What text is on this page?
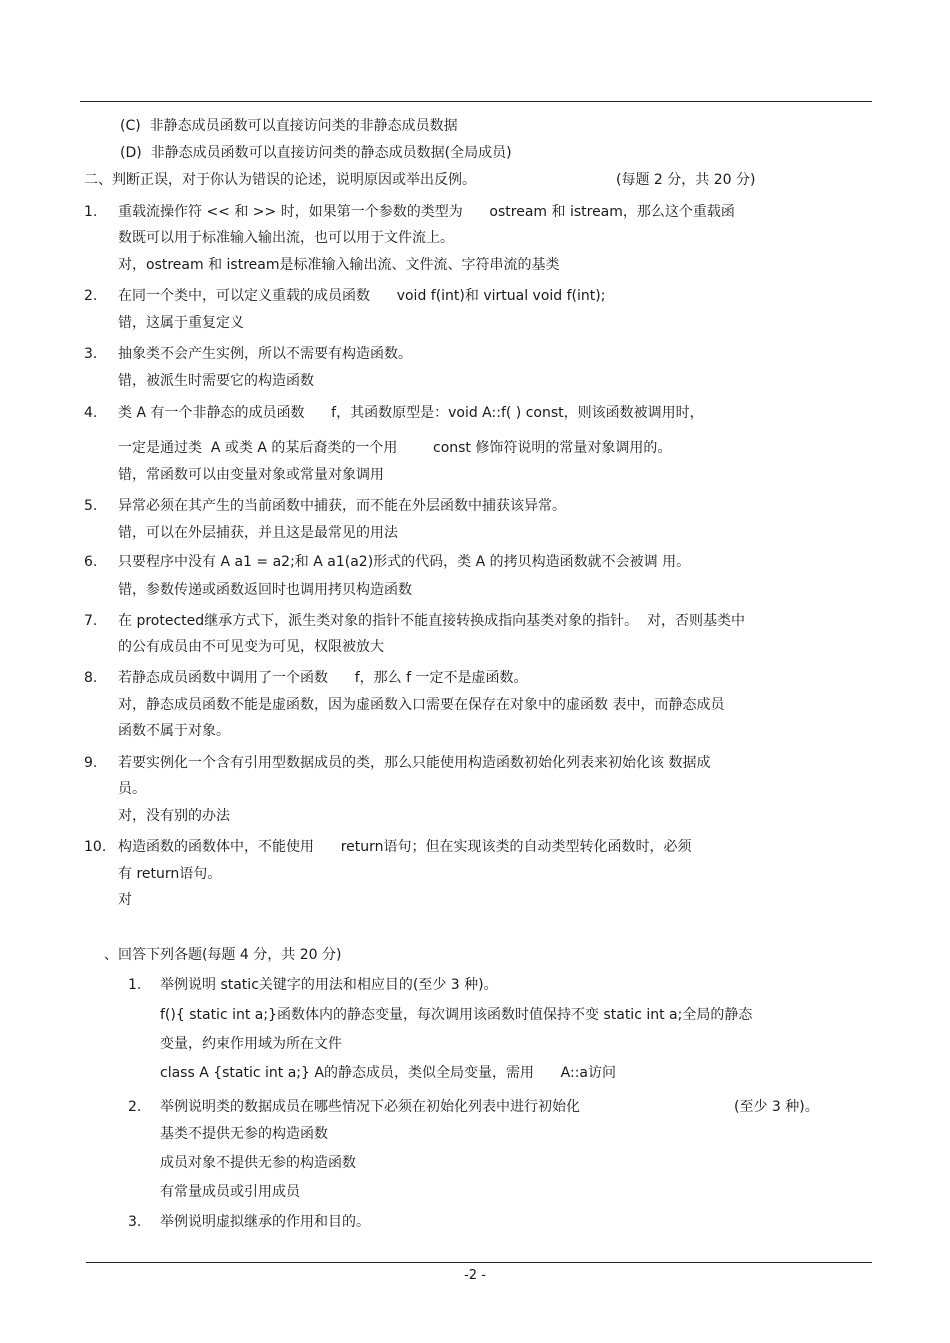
(C)  非静态成员函数可以直接访问类的非静态成员数据
(D)  非静态成员函数可以直接访问类的静态成员数据(全局成员)
二、判断正误，对于你认为错误的论述，说明原因或举出反例。	(每题 2 分，共 20 分)
1. 重载流操作符 << 和 >> 时，如果第一个参数的类型为      ostream 和 istream，那么这个重载函
数既可以用于标准输入输出流，也可以用于文件流上。
对，ostream 和 istream是标准输入输出流、文件流、字符串流的基类
2. 在同一个类中，可以定义重载的成员函数      void f(int)和 virtual void f(int);
错，这属于重复定义
3. 抽象类不会产生实例，所以不需要有构造函数。
错，被派生时需要它的构造函数
4. 类 A 有一个非静态的成员函数      f，其函数原型是：void A::f( ) const，则该函数被调用时，
一定是通过类  A 或类 A 的某后裔类的一个用        const 修饰符说明的常量对象调用的。
错，常函数可以由变量对象或常量对象调用
5. 异常必须在其产生的当前函数中捕获，而不能在外层函数中捕获该异常。
错，可以在外层捕获，并且这是最常见的用法
6. 只要程序中没有 A a1 = a2;和 A a1(a2)形式的代码，类 A 的拷贝构造函数就不会被调 用。
错，参数传递或函数返回时也调用拷贝构造函数
7. 在 protected继承方式下，派生类对象的指针不能直接转换成指向基类对象的指针。  对，否则基类中
的公有成员由不可见变为可见，权限被放大
8. 若静态成员函数中调用了一个函数      f，那么 f 一定不是虚函数。
对，静态成员函数不能是虚函数，因为虚函数入口需要在保存在对象中的虚函数 表中，而静态成员
函数不属于对象。
9. 若要实例化一个含有引用型数据成员的类，那么只能使用构造函数初始化列表来初始化该 数据成
员。
对，没有别的办法
10. 构造函数的函数体中，不能使用      return语句；但在实现该类的自动类型转化函数时，必须
有 return语句。
对
、回答下列各题(每题 4 分，共 20 分)
1. 举例说明 static关键字的用法和相应目的(至少 3 种)。
f(){ static int a;}函数体内的静态变量，每次调用该函数时值保持不变 static int a;全局的静态
变量，约束作用域为所在文件
class A {static int a;} A的静态成员，类似全局变量，需用      A::a访问
2. 举例说明类的数据成员在哪些情况下必须在初始化列表中进行初始化	(至少 3 种)。
基类不提供无参的构造函数
成员对象不提供无参的构造函数
有常量成员或引用成员
3. 举例说明虚拟继承的作用和目的。
-2 -
